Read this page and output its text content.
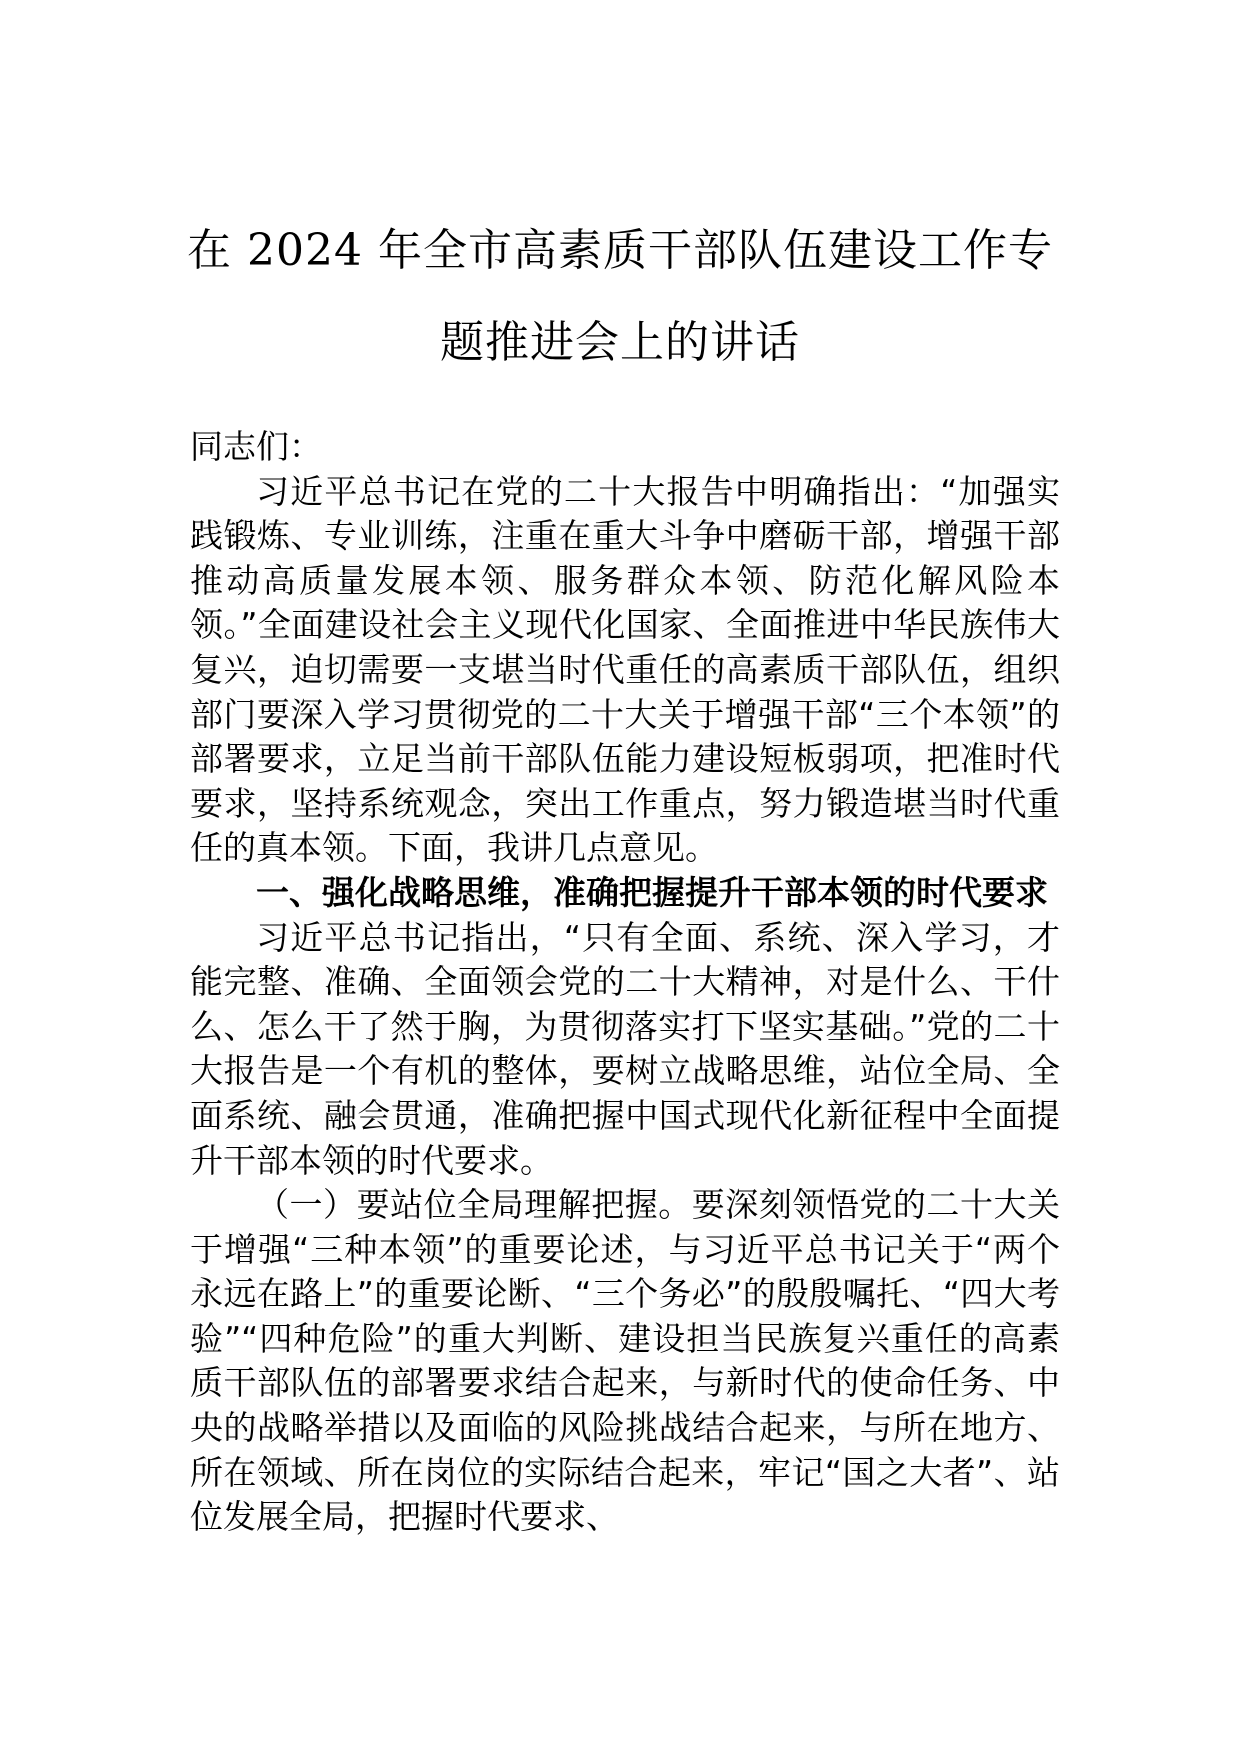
在 2024 年全市高素质干部队伍建设工作专
题推进会上的讲话

同志们：

习近平总书记在党的二十大报告中明确指出：“加强实践锻炼、专业训练，注重在重大斗争中磨砺干部，增强干部推动高质量发展本领、服务群众本领、防范化解风险本领。”全面建设社会主义现代化国家、全面推进中华民族伟大复兴，迫切需要一支堪当时代重任的高素质干部队伍，组织部门要深入学习贯彻党的二十大关于增强干部“三个本领”的部署要求，立足当前干部队伍能力建设短板弱项，把准时代要求，坚持系统观念，突出工作重点，努力锻造堪当时代重任的真本领。下面，我讲几点意见。

一、强化战略思维，准确把握提升干部本领的时代要求

习近平总书记指出，“只有全面、系统、深入学习，才能完整、准确、全面领会党的二十大精神，对是什么、干什么、怎么干了然于胸，为贯彻落实打下坚实基础。”党的二十大报告是一个有机的整体，要树立战略思维，站位全局、全面系统、融会贯通，准确把握中国式现代化新征程中全面提升干部本领的时代要求。

（一）要站位全局理解把握。要深刻领悟党的二十大关于增强“三种本领”的重要论述，与习近平总书记关于“两个永远在路上”的重要论断、“三个务必”的殷殷嘱托、“四大考验”“四种危险”的重大判断、建设担当民族复兴重任的高素质干部队伍的部署要求结合起来，与新时代的使命任务、中央的战略举措以及面临的风险挑战结合起来，与所在地方、所在领域、所在岗位的实际结合起来，牢记“国之大者”、站位发展全局，把握时代要求、
